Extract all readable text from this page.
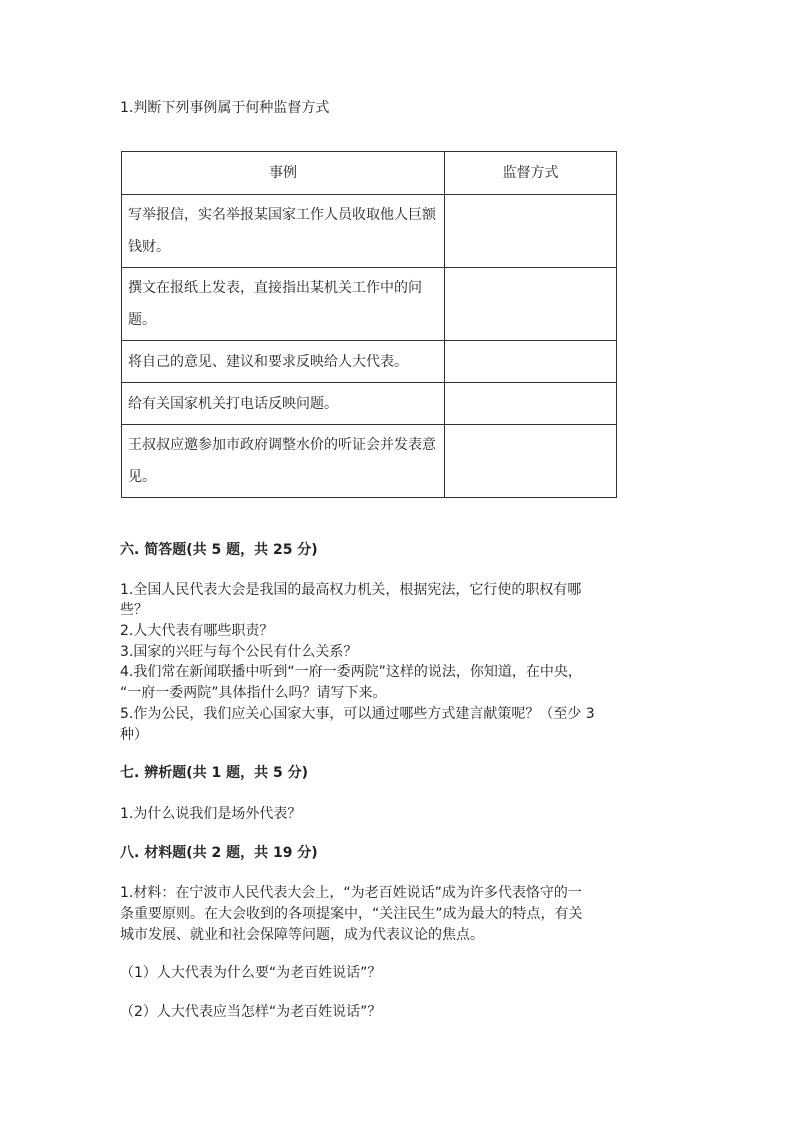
1.判断下列事例属于何种监督方式
事例	监督方式
写举报信，实名举报某国家工作人员收取他人巨额钱财。	
撰文在报纸上发表，直接指出某机关工作中的问题。	
将自己的意见、建议和要求反映给人大代表。	
给有关国家机关打电话反映问题。	
王叔叔应邀参加市政府调整水价的听证会并发表意见。	
六. 简答题(共 5 题，共 25 分)
1.全国人民代表大会是我国的最高权力机关，根据宪法，它行使的职权有哪
些？
2.人大代表有哪些职责？
3.国家的兴旺与每个公民有什么关系？
4.我们常在新闻联播中听到“一府一委两院”这样的说法，你知道，在中央，
“一府一委两院”具体指什么吗？请写下来。
5.作为公民，我们应关心国家大事，可以通过哪些方式建言献策呢？（至少 3
种）
七. 辨析题(共 1 题，共 5 分)
1.为什么说我们是场外代表？
八. 材料题(共 2 题，共 19 分)
1.材料：在宁波市人民代表大会上，“为老百姓说话”成为许多代表恪守的一
条重要原则。在大会收到的各项提案中，“关注民生”成为最大的特点，有关
城市发展、就业和社会保障等问题，成为代表议论的焦点。
（1）人大代表为什么要“为老百姓说话”？
（2）人大代表应当怎样“为老百姓说话”？
